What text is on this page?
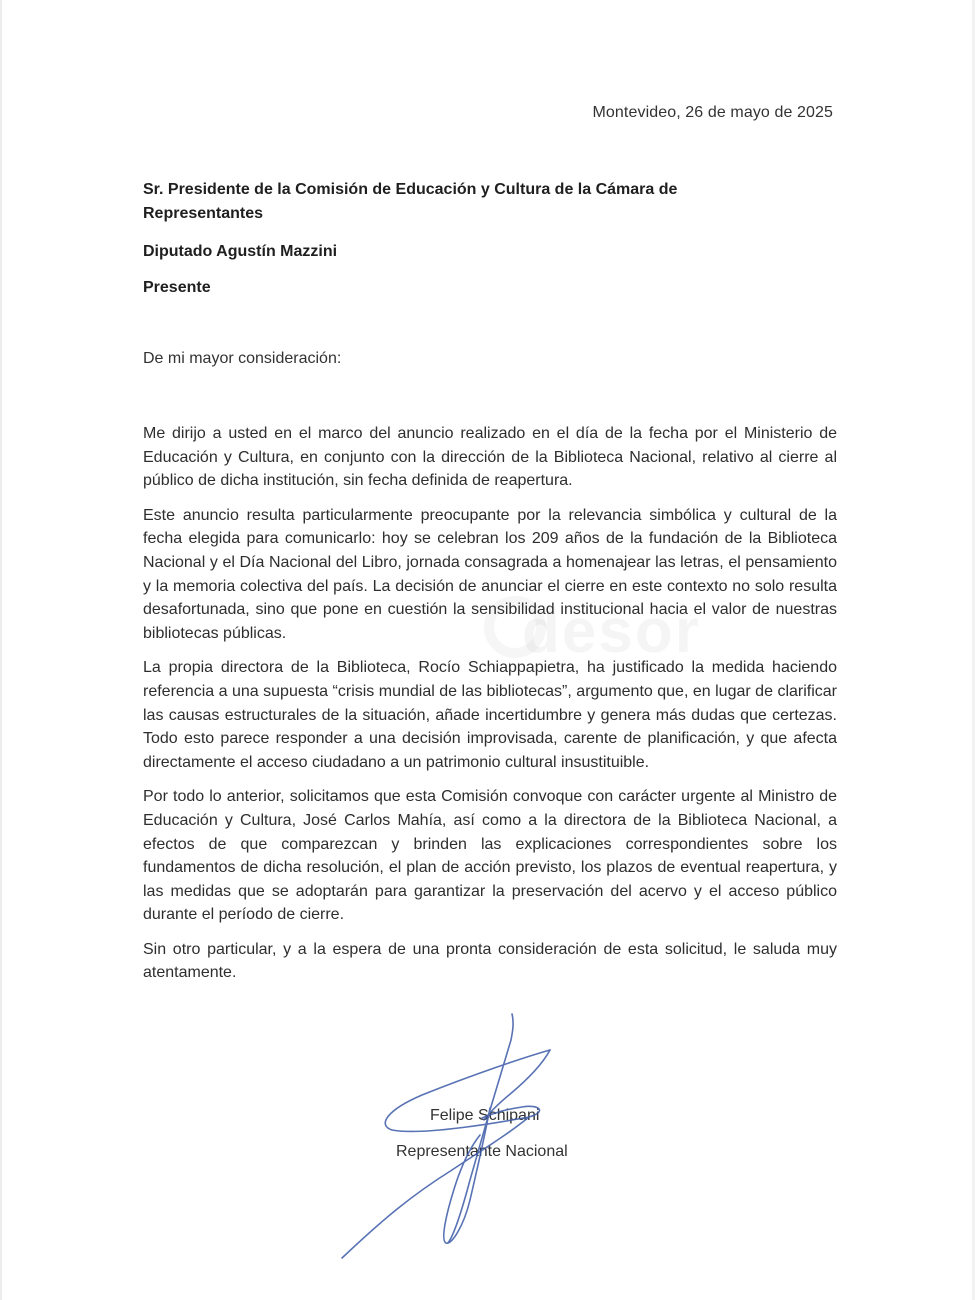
Montevideo, 26 de mayo de 2025
Sr. Presidente de la Comisión de Educación y Cultura de la Cámara de Representantes
Diputado Agustín Mazzini
Presente
De mi mayor consideración:
desor

Me dirijo a usted en el marco del anuncio realizado en el día de la fecha por el Ministerio de Educación y Cultura, en conjunto con la dirección de la Biblioteca Nacional, relativo al cierre al público de dicha institución, sin fecha definida de reapertura.

Este anuncio resulta particularmente preocupante por la relevancia simbólica y cultural de la fecha elegida para comunicarlo: hoy se celebran los 209 años de la fundación de la Biblioteca Nacional y el Día Nacional del Libro, jornada consagrada a homenajear las letras, el pensamiento y la memoria colectiva del país. La decisión de anunciar el cierre en este contexto no solo resulta desafortunada, sino que pone en cuestión la sensibilidad institucional hacia el valor de nuestras bibliotecas públicas.

La propia directora de la Biblioteca, Rocío Schiappapietra, ha justificado la medida haciendo referencia a una supuesta “crisis mundial de las bibliotecas”, argumento que, en lugar de clarificar las causas estructurales de la situación, añade incertidumbre y genera más dudas que certezas. Todo esto parece responder a una decisión improvisada, carente de planificación, y que afecta directamente el acceso ciudadano a un patrimonio cultural insustituible.

Por todo lo anterior, solicitamos que esta Comisión convoque con carácter urgente al Ministro de Educación y Cultura, José Carlos Mahía, así como a la directora de la Biblioteca Nacional, a efectos de que comparezcan y brinden las explicaciones correspondientes sobre los fundamentos de dicha resolución, el plan de acción previsto, los plazos de eventual reapertura, y las medidas que se adoptarán para garantizar la preservación del acervo y el acceso público durante el período de cierre.

Sin otro particular, y a la espera de una pronta consideración de esta solicitud, le saluda muy atentamente.

Felipe Schipani
Representante Nacional
